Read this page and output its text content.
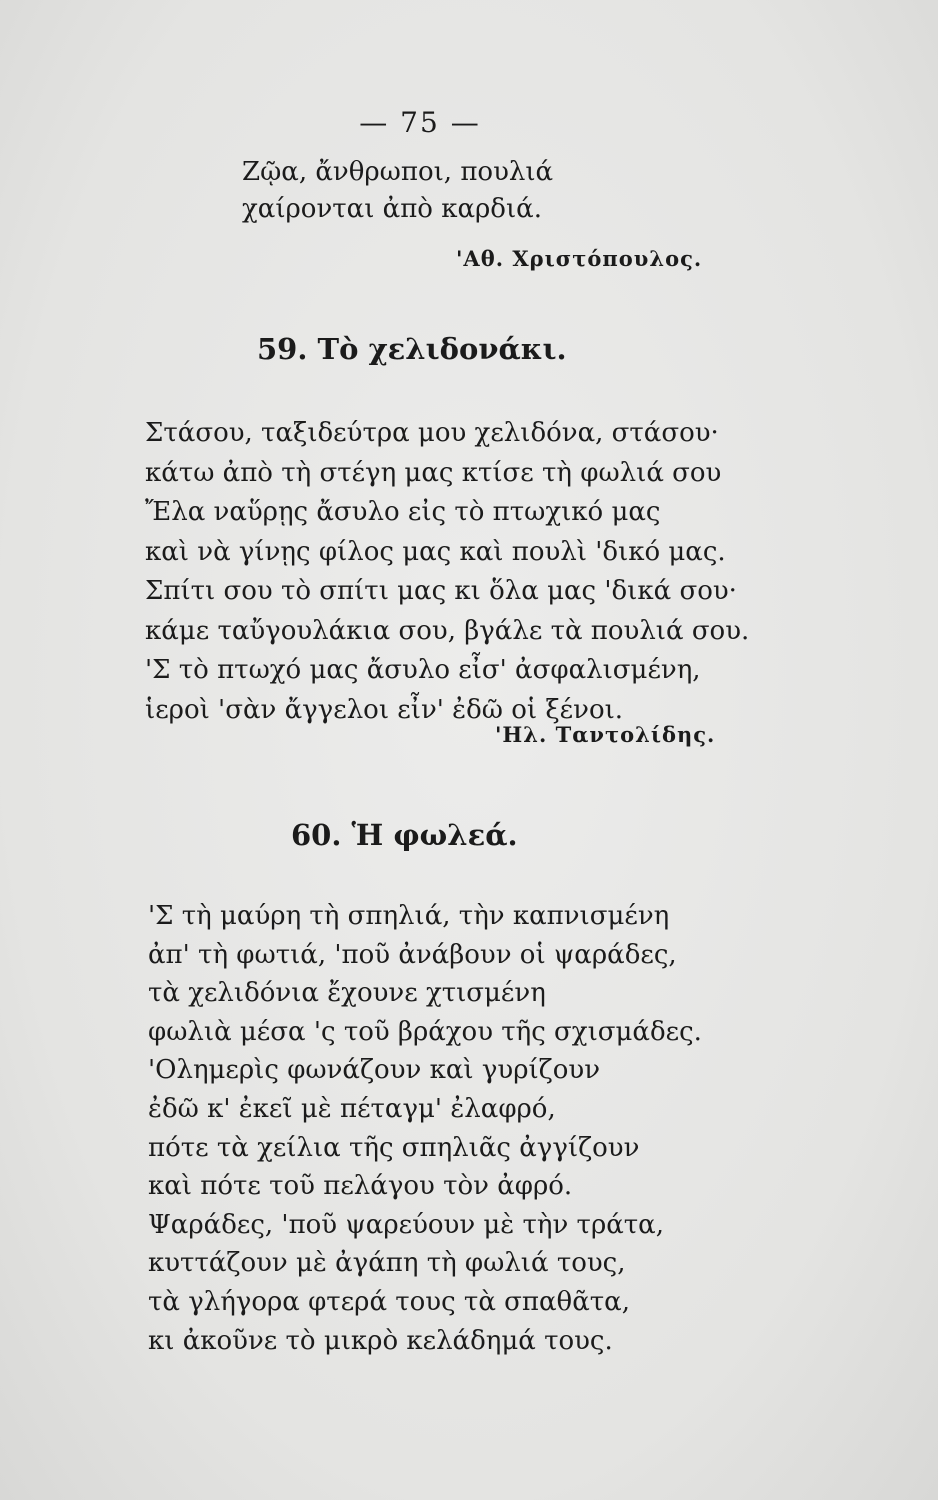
— 75 —
Ζῷα, ἄνθρωποι, πουλιά
χαίρονται ἀπὸ καρδιά.
'Αθ. Χριστόπουλος.
59. Τὸ χελιδονάκι.
Στάσου, ταξιδεύτρα μου χελιδόνα, στάσου·
κάτω ἀπὸ τὴ στέγη μας κτίσε τὴ φωλιά σου
Ἔλα ναὕρῃς ἄσυλο εἰς τὸ πτωχικό μας
καὶ νὰ γίνῃς φίλος μας καὶ πουλὶ 'δικό μας.
Σπίτι σου τὸ σπίτι μας κι ὅλα μας 'δικά σου·
κάμε ταὔγουλάκια σου, βγάλε τὰ πουλιά σου.
'Σ τὸ πτωχό μας ἄσυλο εἶσ' ἀσφαλισμένη,
ἱεροὶ 'σὰν ἄγγελοι εἶν' ἐδῶ οἱ ξένοι.
'Ηλ. Ταντολίδης.
60. Ἡ φωλεά.
'Σ τὴ μαύρη τὴ σπηλιά, τὴν καπνισμένη
ἀπ' τὴ φωτιά, 'ποῦ ἀνάβουν οἱ ψαράδες,
τὰ χελιδόνια ἔχουνε χτισμένη
φωλιὰ μέσα 'ς τοῦ βράχου τῆς σχισμάδες.
'Ολημερὶς φωνάζουν καὶ γυρίζουν
ἐδῶ κ' ἐκεῖ μὲ πέταγμ' ἐλαφρό,
πότε τὰ χείλια τῆς σπηλιᾶς ἀγγίζουν
καὶ πότε τοῦ πελάγου τὸν ἀφρό.
Ψαράδες, 'ποῦ ψαρεύουν μὲ τὴν τράτα,
κυττάζουν μὲ ἀγάπη τὴ φωλιά τους,
τὰ γλήγορα φτερά τους τὰ σπαθᾶτα,
κι ἀκοῦνε τὸ μικρὸ κελάδημά τους.
